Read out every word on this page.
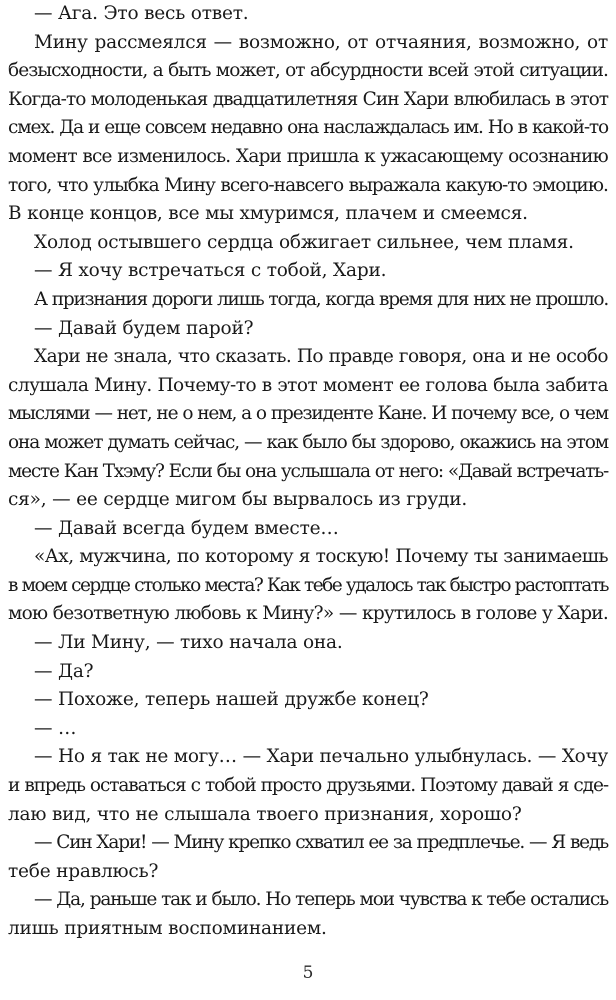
— Ага. Это весь ответ.
Мину рассмеялся — возможно, от отчаяния, возможно, от
безысходности, а быть может, от абсурдности всей этой ситуации.
Когда-то молоденькая двадцатилетняя Син Хари влюбилась в этот
смех. Да и еще совсем недавно она наслаждалась им. Но в какой-то
момент все изменилось. Хари пришла к ужасающему осознанию
того, что улыбка Мину всего-навсего выражала какую-то эмоцию.
В конце концов, все мы хмуримся, плачем и смеемся.
Холод остывшего сердца обжигает сильнее, чем пламя.
— Я хочу встречаться с тобой, Хари.
А признания дороги лишь тогда, когда время для них не прошло.
— Давай будем парой?
Хари не знала, что сказать. По правде говоря, она и не особо
слушала Мину. Почему-то в этот момент ее голова была забита
мыслями — нет, не о нем, а о президенте Кане. И почему все, о чем
она может думать сейчас, — как было бы здорово, окажись на этом
месте Кан Тхэму? Если бы она услышала от него: «Давай встречать-
ся», — ее сердце мигом бы вырвалось из груди.
— Давай всегда будем вместе…
«Ах, мужчина, по которому я тоскую! Почему ты занимаешь
в моем сердце столько места? Как тебе удалось так быстро растоптать
мою безответную любовь к Мину?» — крутилось в голове у Хари.
— Ли Мину, — тихо начала она.
— Да?
— Похоже, теперь нашей дружбе конец?
— …
— Но я так не могу… — Хари печально улыбнулась. — Хочу
и впредь оставаться с тобой просто друзьями. Поэтому давай я сде-
лаю вид, что не слышала твоего признания, хорошо?
— Син Хари! — Мину крепко схватил ее за предплечье. — Я ведь
тебе нравлюсь?
— Да, раньше так и было. Но теперь мои чувства к тебе остались
лишь приятным воспоминанием.
5
